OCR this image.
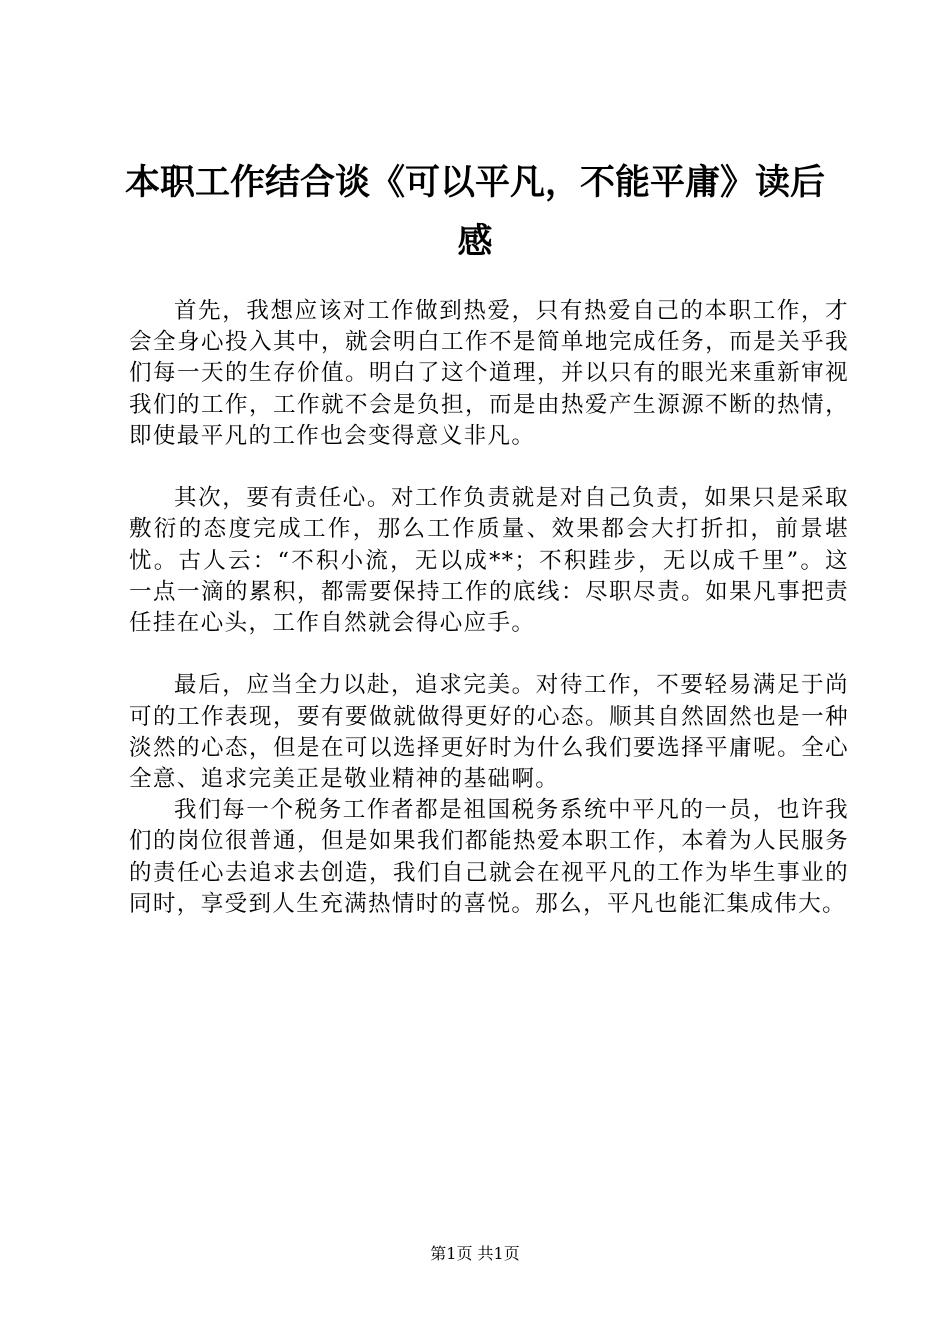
本职工作结合谈《可以平凡，不能平庸》读后
感

首先，我想应该对工作做到热爱，只有热爱自己的本职工作，才会全身心投入其中，就会明白工作不是简单地完成任务，而是关乎我们每一天的生存价值。明白了这个道理，并以只有的眼光来重新审视我们的工作，工作就不会是负担，而是由热爱产生源源不断的热情，即使最平凡的工作也会变得意义非凡。

其次，要有责任心。对工作负责就是对自己负责，如果只是采取敷衍的态度完成工作，那么工作质量、效果都会大打折扣，前景堪忧。古人云：“不积小流，无以成**；不积跬步，无以成千里”。这一点一滴的累积，都需要保持工作的底线：尽职尽责。如果凡事把责任挂在心头，工作自然就会得心应手。

最后，应当全力以赴，追求完美。对待工作，不要轻易满足于尚可的工作表现，要有要做就做得更好的心态。顺其自然固然也是一种淡然的心态，但是在可以选择更好时为什么我们要选择平庸呢。全心全意、追求完美正是敬业精神的基础啊。

我们每一个税务工作者都是祖国税务系统中平凡的一员，也许我们的岗位很普通，但是如果我们都能热爱本职工作，本着为人民服务的责任心去追求去创造，我们自己就会在视平凡的工作为毕生事业的同时，享受到人生充满热情时的喜悦。那么，平凡也能汇集成伟大。

第1页 共1页
